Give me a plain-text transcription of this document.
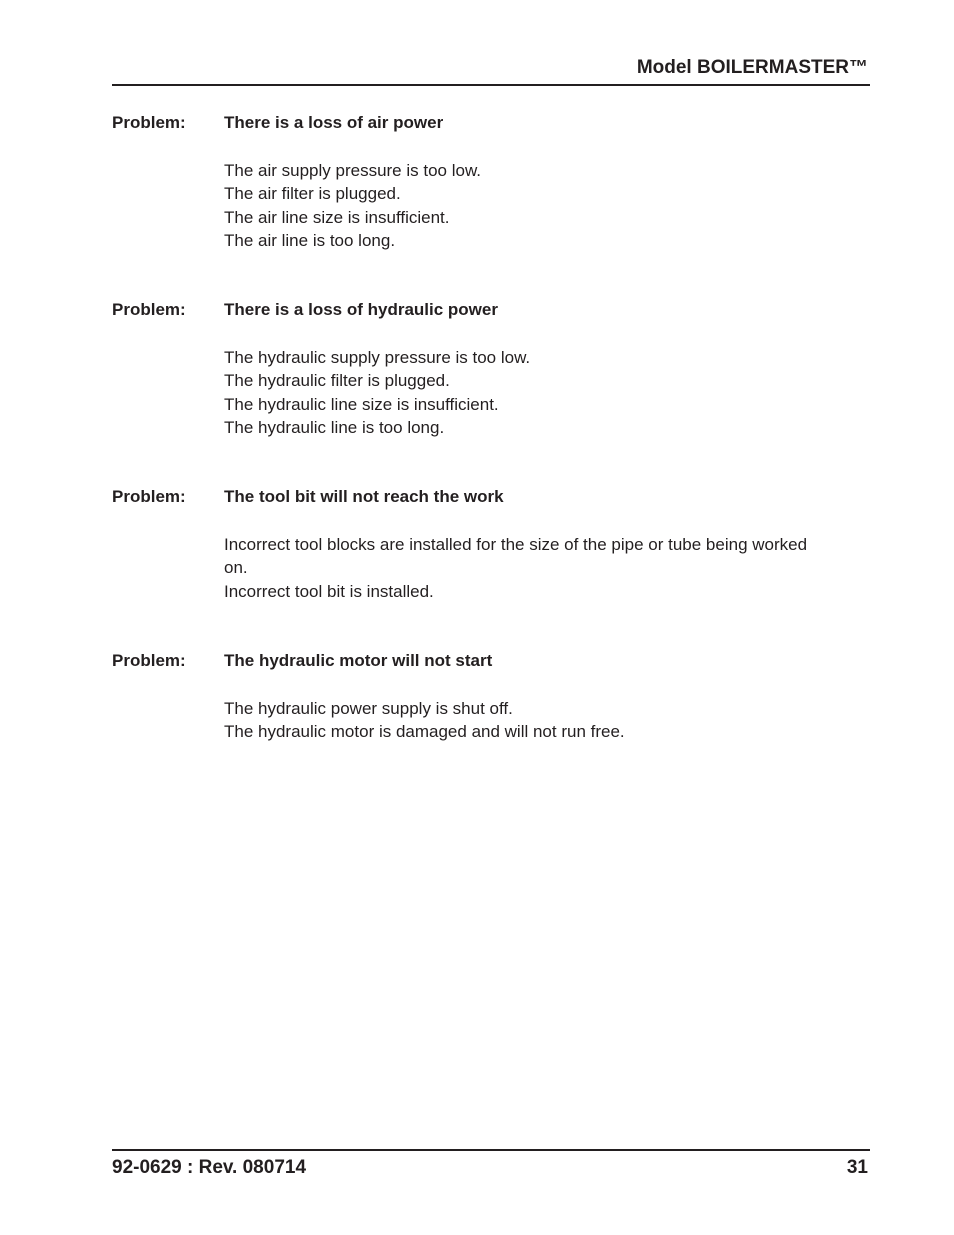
Model BOILERMASTER™
Problem: There is a loss of air power
The air supply pressure is too low.
The air filter is plugged.
The air line size is insufficient.
The air line is too long.
Problem: There is a loss of hydraulic power
The hydraulic supply pressure is too low.
The hydraulic filter is plugged.
The hydraulic line size is insufficient.
The hydraulic line is too long.
Problem: The tool bit will not reach the work
Incorrect tool blocks are installed for the size of the pipe or tube being worked on.
Incorrect tool bit is installed.
Problem: The hydraulic motor will not start
The hydraulic power supply is shut off.
The hydraulic motor is damaged and will not run free.
92-0629 : Rev. 080714	31
